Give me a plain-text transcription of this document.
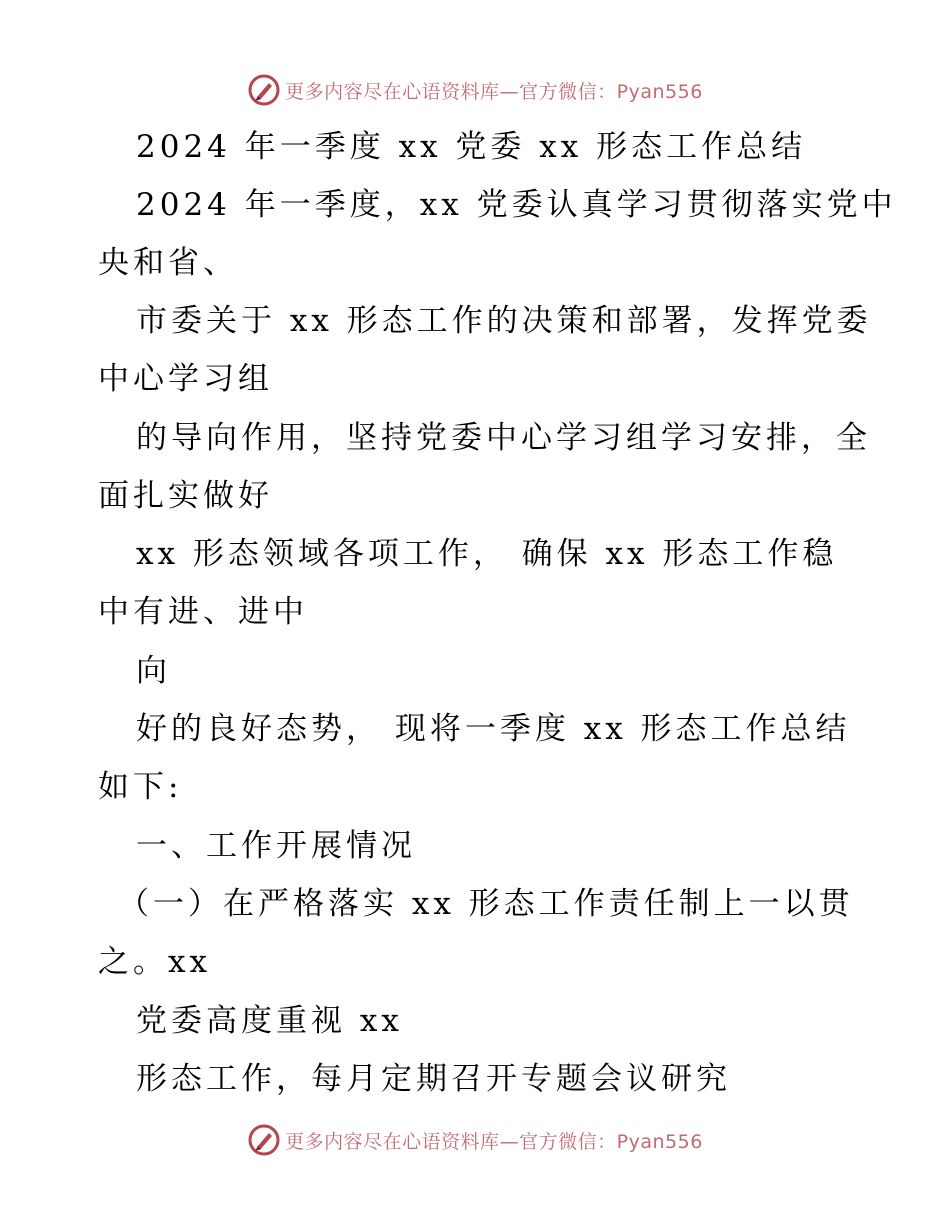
更多内容尽在心语资料库—官方微信：Pyan556
2024 年一季度 xx 党委 xx 形态工作总结
2024 年一季度，xx 党委认真学习贯彻落实党中
央和省、
市委关于 xx 形态工作的决策和部署，发挥党委
中心学习组
的导向作用，坚持党委中心学习组学习安排，全
面扎实做好
xx 形态领域各项工作， 确保 xx 形态工作稳
中有进、进中
向
好的良好态势， 现将一季度 xx 形态工作总结
如下:
一、工作开展情况
（一）在严格落实 xx 形态工作责任制上一以贯
之。xx
党委高度重视 xx
形态工作，每月定期召开专题会议研究
更多内容尽在心语资料库—官方微信：Pyan556
